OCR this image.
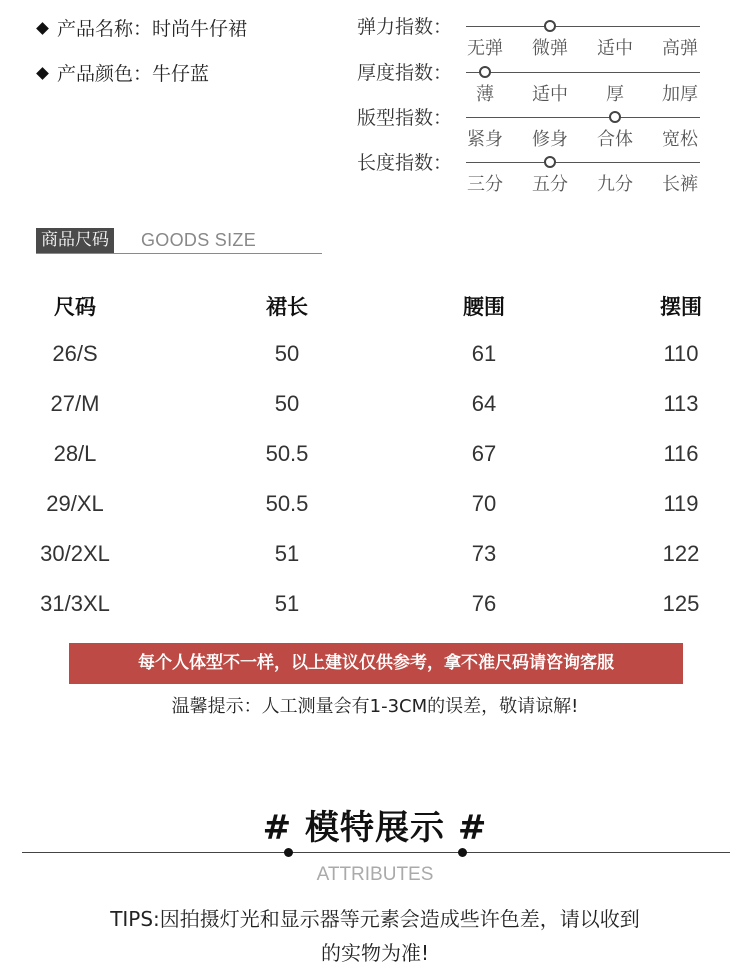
产品名称：时尚牛仔裙
产品颜色：牛仔蓝
弹力指数：
无弹	微弹	适中	高弹
厚度指数：
薄	适中	厚	加厚
版型指数：
紧身	修身	合体	宽松
长度指数：
三分	五分	九分	长裤
商品尺码 GOODS SIZE
尺码	裙长	腰围	摆围
26/S	50	61	110
27/M	50	64	113
28/L	50.5	67	116
29/XL	50.5	70	119
30/2XL	51	73	122
31/3XL	51	76	125
每个人体型不一样，以上建议仅供参考，拿不准尺码请咨询客服
温馨提示：人工测量会有1-3CM的误差，敬请谅解!
# 模特展示 #
ATTRIBUTES
TIPS:因拍摄灯光和显示器等元素会造成些许色差，请以收到
的实物为准!
